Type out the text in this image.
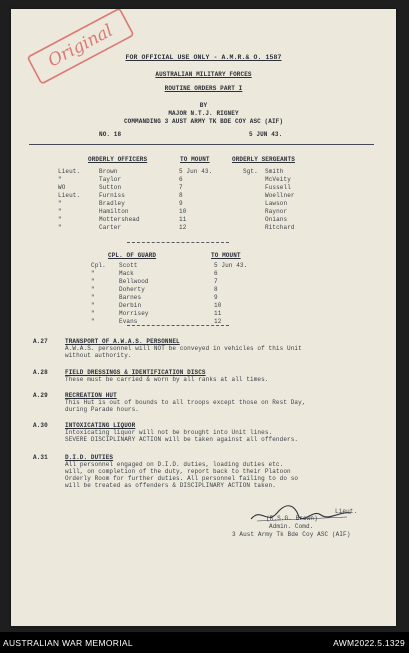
Original	FOR OFFICIAL USE ONLY - A.M.R.& O. 1587
AUSTRALIAN MILITARY FORCES
ROUTINE ORDERS PART I
BY
MAJOR N.T.J. RIGNEY
COMMANDING 3 AUST ARMY TK BDE COY ASC (AIF)
NO. 18	5 JUN 43.
ORDERLY OFFICERS	TO MOUNT	ORDERLY SERGEANTS
Lieut.	Brown	5 Jun 43.	Sgt. Smith
"	Taylor	6	McVeity
WO	Sutton	7	Fussell
Lieut.	Furniss	8	Woellner
"	Bradley	9	Lawson
"	Hamilton	10	Raynor
"	Mottershead	11	Onians
"	Carter	12	Ritchard
CPL. OF GUARD	TO MOUNT
Cpl. Scott	5 Jun 43.
"	Mack	6
"	Bellwood	7
"	Doherty	8
"	Barnes	9
"	Derbin	10
"	Morrisey	11
"	Evans	12
A.27	TRANSPORT OF A.W.A.S. PERSONNEL
A.W.A.S. personnel will NOT be conveyed in vehicles of this Unit
without authority.
A.28	FIELD DRESSINGS & IDENTIFICATION DISCS
These must be carried & worn by all ranks at all times.
A.29	RECREATION HUT
This Hut is out of bounds to all troops except those on Rest Day,
during Parade hours.
A.30	INTOXICATING LIQUOR
Intoxicating liquor will not be brought into Unit lines.
SEVERE DISCIPLINARY ACTION will be taken against all offenders.
A.31	D.I.D. DUTIES
All personnel engaged on D.I.D. duties, loading duties etc.
will, on completion of the duty, report back to their Platoon
Orderly Room for further duties. All personnel failing to do so
will be treated as offenders & DISCIPLINARY ACTION taken.
Lieut.
(R.S.G. Brown)
Admin. Comd.
3 Aust Army Tk Bde Coy ASC (AIF)
AUSTRALIAN WAR MEMORIAL	AWM2022.5.1329
